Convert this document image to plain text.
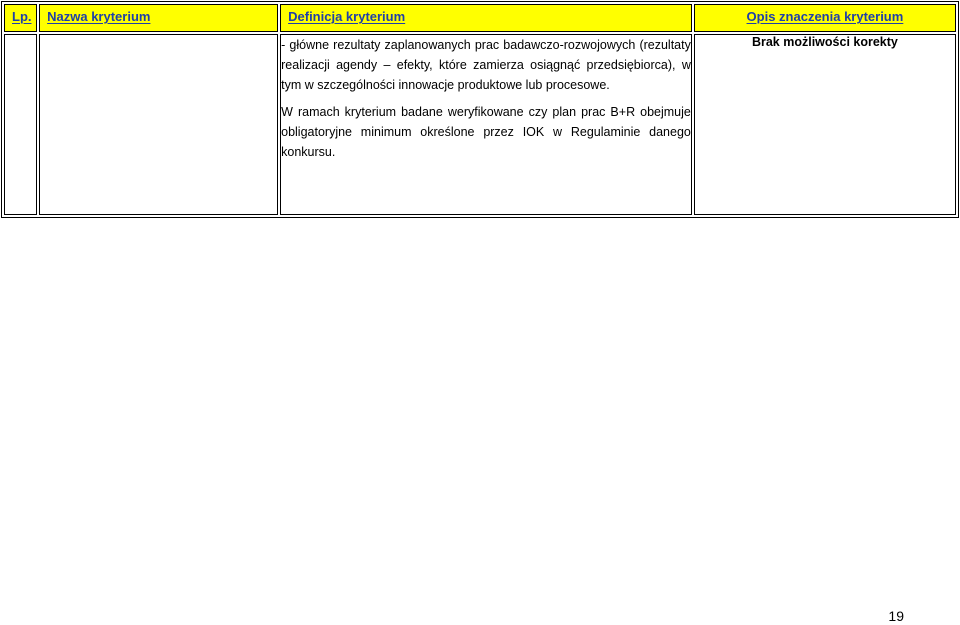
Lp.	Nazwa kryterium	Definicja kryterium	Opis znaczenia kryterium

		- główne rezultaty zaplanowanych prac badawczo-rozwojowych (rezultaty realizacji agendy – efekty, które zamierza osiągnąć przedsiębiorca), w tym w szczególności innowacje produktowe lub procesowe.

W ramach kryterium badane weryfikowane czy plan prac B+R obejmuje obligatoryjne minimum określone przez IOK w Regulaminie danego konkursu.	Brak możliwości korekty
19
